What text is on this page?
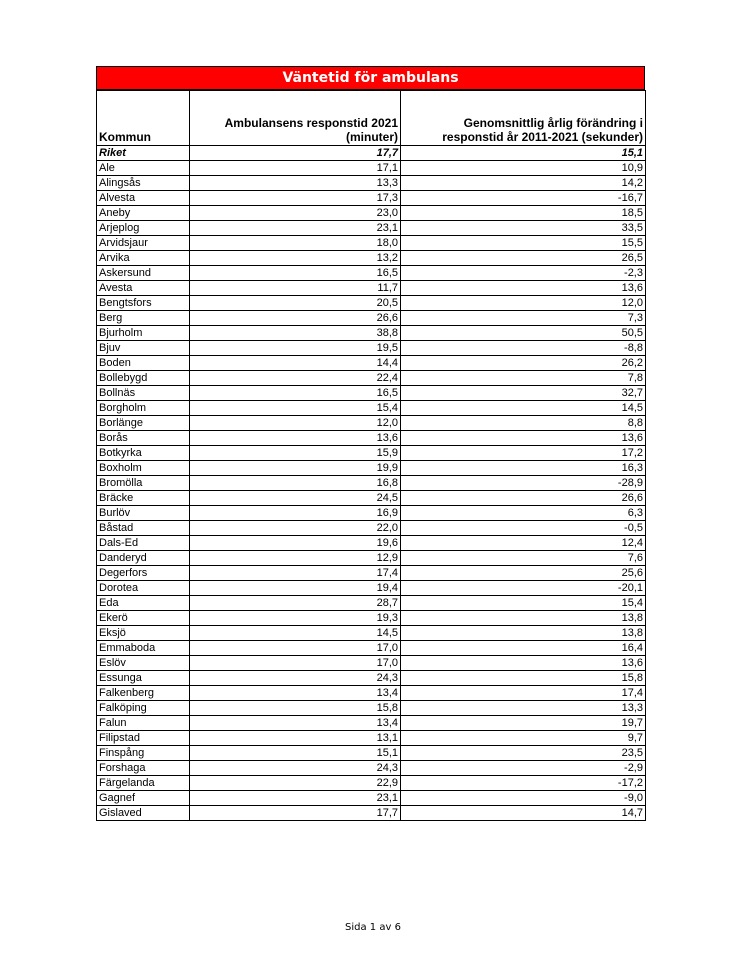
Väntetid för ambulans
Kommun	Ambulansens responstid 2021 (minuter)	Genomsnittlig årlig förändring i responstid år 2011-2021 (sekunder)
Riket	17,7	15,1
Ale	17,1	10,9
Alingsås	13,3	14,2
Alvesta	17,3	-16,7
Aneby	23,0	18,5
Arjeplog	23,1	33,5
Arvidsjaur	18,0	15,5
Arvika	13,2	26,5
Askersund	16,5	-2,3
Avesta	11,7	13,6
Bengtsfors	20,5	12,0
Berg	26,6	7,3
Bjurholm	38,8	50,5
Bjuv	19,5	-8,8
Boden	14,4	26,2
Bollebygd	22,4	7,8
Bollnäs	16,5	32,7
Borgholm	15,4	14,5
Borlänge	12,0	8,8
Borås	13,6	13,6
Botkyrka	15,9	17,2
Boxholm	19,9	16,3
Bromölla	16,8	-28,9
Bräcke	24,5	26,6
Burlöv	16,9	6,3
Båstad	22,0	-0,5
Dals-Ed	19,6	12,4
Danderyd	12,9	7,6
Degerfors	17,4	25,6
Dorotea	19,4	-20,1
Eda	28,7	15,4
Ekerö	19,3	13,8
Eksjö	14,5	13,8
Emmaboda	17,0	16,4
Eslöv	17,0	13,6
Essunga	24,3	15,8
Falkenberg	13,4	17,4
Falköping	15,8	13,3
Falun	13,4	19,7
Filipstad	13,1	9,7
Finspång	15,1	23,5
Forshaga	24,3	-2,9
Färgelanda	22,9	-17,2
Gagnef	23,1	-9,0
Gislaved	17,7	14,7
Sida 1 av 6
